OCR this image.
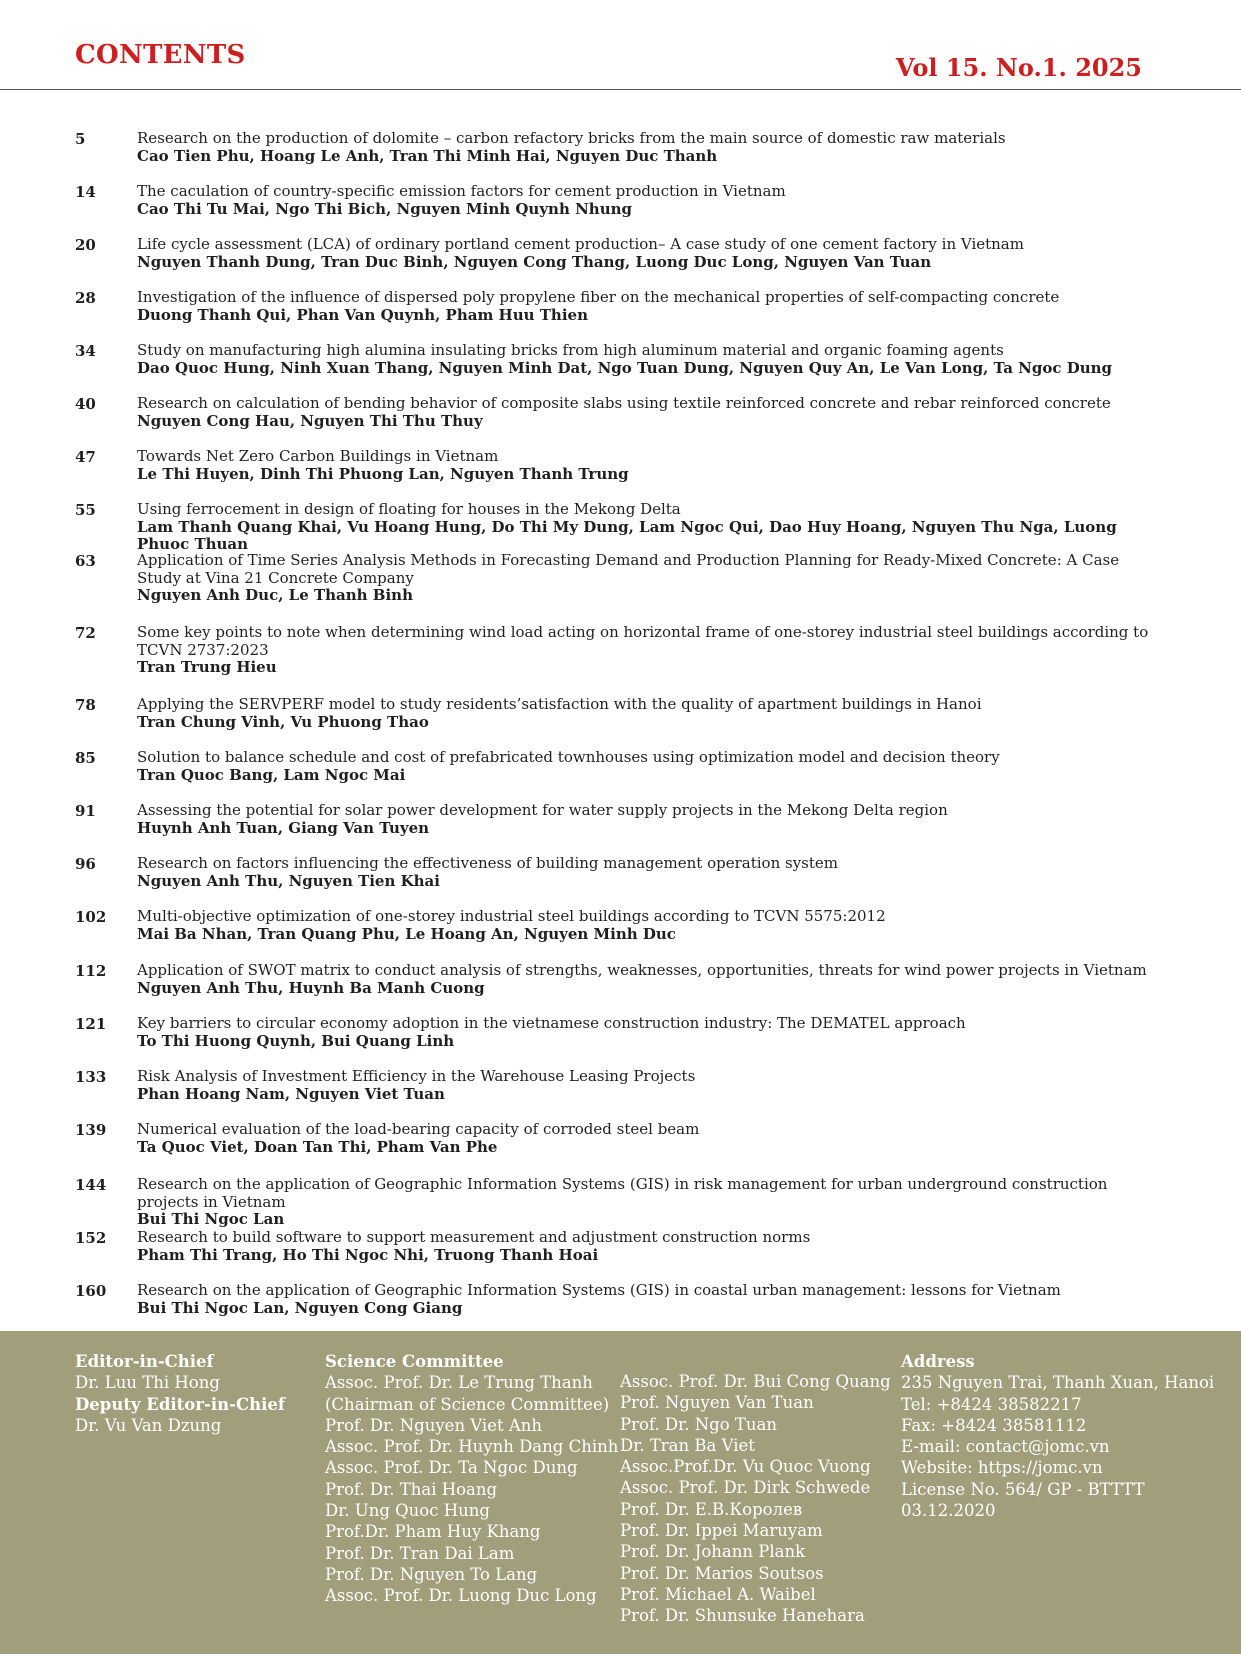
CONTENTS	Vol 15. No.1. 2025
5	Research on the production of dolomite – carbon refactory bricks from the main source of domestic raw materials
Cao Tien Phu, Hoang Le Anh, Tran Thi Minh Hai, Nguyen Duc Thanh
14	The caculation of country-specific emission factors for cement production in Vietnam
Cao Thi Tu Mai, Ngo Thi Bich, Nguyen Minh Quynh Nhung
20	Life cycle assessment (LCA) of ordinary portland cement production– A case study of one cement factory in Vietnam
Nguyen Thanh Dung, Tran Duc Binh, Nguyen Cong Thang, Luong Duc Long, Nguyen Van Tuan
28	Investigation of the influence of dispersed poly propylene fiber on the mechanical properties of self-compacting concrete
Duong Thanh Qui, Phan Van Quynh, Pham Huu Thien
34	Study on manufacturing high alumina insulating bricks from high aluminum material and organic foaming agents
Dao Quoc Hung, Ninh Xuan Thang, Nguyen Minh Dat, Ngo Tuan Dung, Nguyen Quy An, Le Van Long, Ta Ngoc Dung
40	Research on calculation of bending behavior of composite slabs using textile reinforced concrete and rebar reinforced concrete
Nguyen Cong Hau, Nguyen Thi Thu Thuy
47	Towards Net Zero Carbon Buildings in Vietnam
Le Thi Huyen, Dinh Thi Phuong Lan, Nguyen Thanh Trung
55	Using ferrocement in design of floating for houses in the Mekong Delta
Lam Thanh Quang Khai, Vu Hoang Hung, Do Thi My Dung, Lam Ngoc Qui, Dao Huy Hoang, Nguyen Thu Nga, Luong Phuoc Thuan
63	Application of Time Series Analysis Methods in Forecasting Demand and Production Planning for Ready-Mixed Concrete: A Case Study at Vina 21 Concrete Company
Nguyen Anh Duc, Le Thanh Binh
72	Some key points to note when determining wind load acting on horizontal frame of one-storey industrial steel buildings according to TCVN 2737:2023
Tran Trung Hieu
78	Applying the SERVPERF model to study residents’satisfaction with the quality of apartment buildings in Hanoi
Tran Chung Vinh, Vu Phuong Thao
85	Solution to balance schedule and cost of prefabricated townhouses using optimization model and decision theory
Tran Quoc Bang, Lam Ngoc Mai
91	Assessing the potential for solar power development for water supply projects in the Mekong Delta region
Huynh Anh Tuan, Giang Van Tuyen
96	Research on factors influencing the effectiveness of building management operation system
Nguyen Anh Thu, Nguyen Tien Khai
102 Multi-objective optimization of one-storey industrial steel buildings according to TCVN 5575:2012
Mai Ba Nhan, Tran Quang Phu, Le Hoang An, Nguyen Minh Duc
112 Application of SWOT matrix to conduct analysis of strengths, weaknesses, opportunities, threats for wind power projects in Vietnam
Nguyen Anh Thu, Huynh Ba Manh Cuong
121 Key barriers to circular economy adoption in the vietnamese construction industry: The DEMATEL approach
To Thi Huong Quynh, Bui Quang Linh
133 Risk Analysis of Investment Efficiency in the Warehouse Leasing Projects
Phan Hoang Nam, Nguyen Viet Tuan
139 Numerical evaluation of the load-bearing capacity of corroded steel beam
Ta Quoc Viet, Doan Tan Thi, Pham Van Phe
144 Research on the application of Geographic Information Systems (GIS) in risk management for urban underground construction projects in Vietnam
Bui Thi Ngoc Lan
152 Research to build software to support measurement and adjustment construction norms
Pham Thi Trang, Ho Thi Ngoc Nhi, Truong Thanh Hoai
160 Research on the application of Geographic Information Systems (GIS) in coastal urban management: lessons for Vietnam
Bui Thi Ngoc Lan, Nguyen Cong Giang
Editor-in-Chief
Dr. Luu Thi Hong
Deputy Editor-in-Chief
Dr. Vu Van Dzung
Science Committee
Assoc. Prof. Dr. Le Trung Thanh
(Chairman of Science Committee)
Prof. Dr. Nguyen Viet Anh
Assoc. Prof. Dr. Huynh Dang Chinh
Assoc. Prof. Dr. Ta Ngoc Dung
Prof. Dr. Thai Hoang
Dr. Ung Quoc Hung
Prof.Dr. Pham Huy Khang
Prof. Dr. Tran Dai Lam
Prof. Dr. Nguyen To Lang
Assoc. Prof. Dr. Luong Duc Long
Assoc. Prof. Dr. Bui Cong Quang
Prof. Nguyen Van Tuan
Prof. Dr. Ngo Tuan
Dr. Tran Ba Viet
Assoc.Prof.Dr. Vu Quoc Vuong
Assoc. Prof. Dr. Dirk Schwede
Prof. Dr. E.B.Королев
Prof. Dr. Ippei Maruyam
Prof. Dr. Johann Plank
Prof. Dr. Marios Soutsos
Prof. Michael A. Waibel
Prof. Dr. Shunsuke Hanehara
Address
235 Nguyen Trai, Thanh Xuan, Hanoi
Tel: +8424 38582217
Fax: +8424 38581112
E-mail: contact@jomc.vn
Website: https://jomc.vn
License No. 564/ GP - BTTTT
03.12.2020
